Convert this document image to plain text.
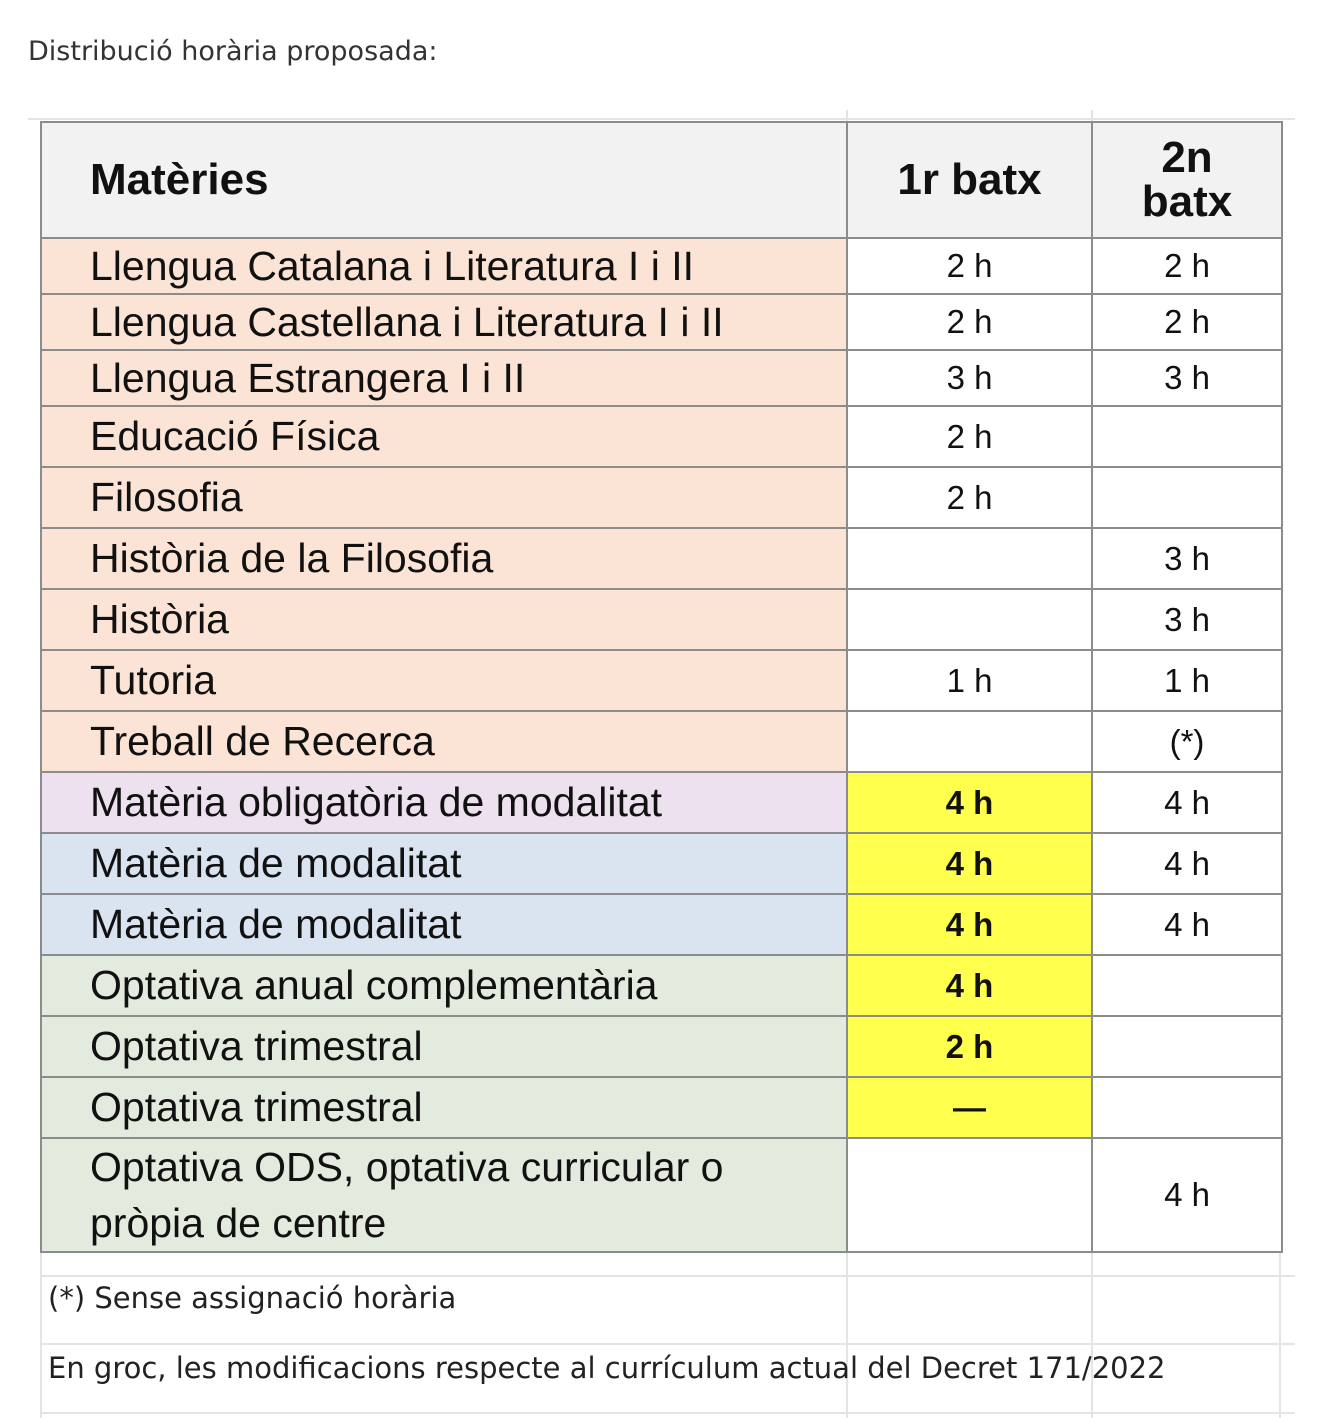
Distribució horària proposada:
Matèries	1r batx	2n
batx
Llengua Catalana i Literatura I i II	2 h	2 h
Llengua Castellana i Literatura I i II	2 h	2 h
Llengua Estrangera I i II	3 h	3 h
Educació Física	2 h	
Filosofia	2 h	
Història de la Filosofia		3 h
Història		3 h
Tutoria	1 h	1 h
Treball de Recerca		(*)
Matèria obligatòria de modalitat	4 h	4 h
Matèria de modalitat	4 h	4 h
Matèria de modalitat	4 h	4 h
Optativa anual complementària	4 h	
Optativa trimestral	2 h	
Optativa trimestral	—	
Optativa ODS, optativa curricular o pròpia de centre		4 h
(*) Sense assignació horària
En groc, les modificacions respecte al currículum actual del Decret 171/2022
